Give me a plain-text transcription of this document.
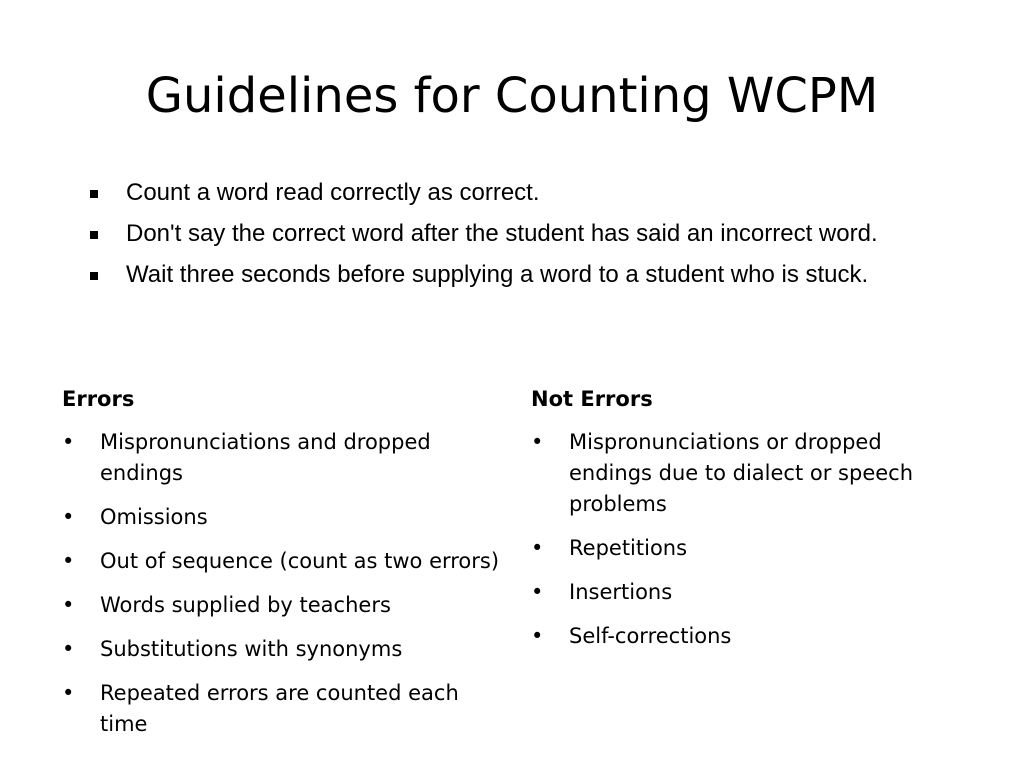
Guidelines for Counting WCPM
Count a word read correctly as correct.
Don't say the correct word after the student has said an incorrect word.
Wait three seconds before supplying a word to a student who is stuck.
Errors
• Mispronunciations and dropped endings
• Omissions
• Out of sequence (count as two errors)
• Words supplied by teachers
• Substitutions with synonyms
• Repeated errors are counted each time
Not Errors
• Mispronunciations or dropped endings due to dialect or speech problems
• Repetitions
• Insertions
• Self-corrections
